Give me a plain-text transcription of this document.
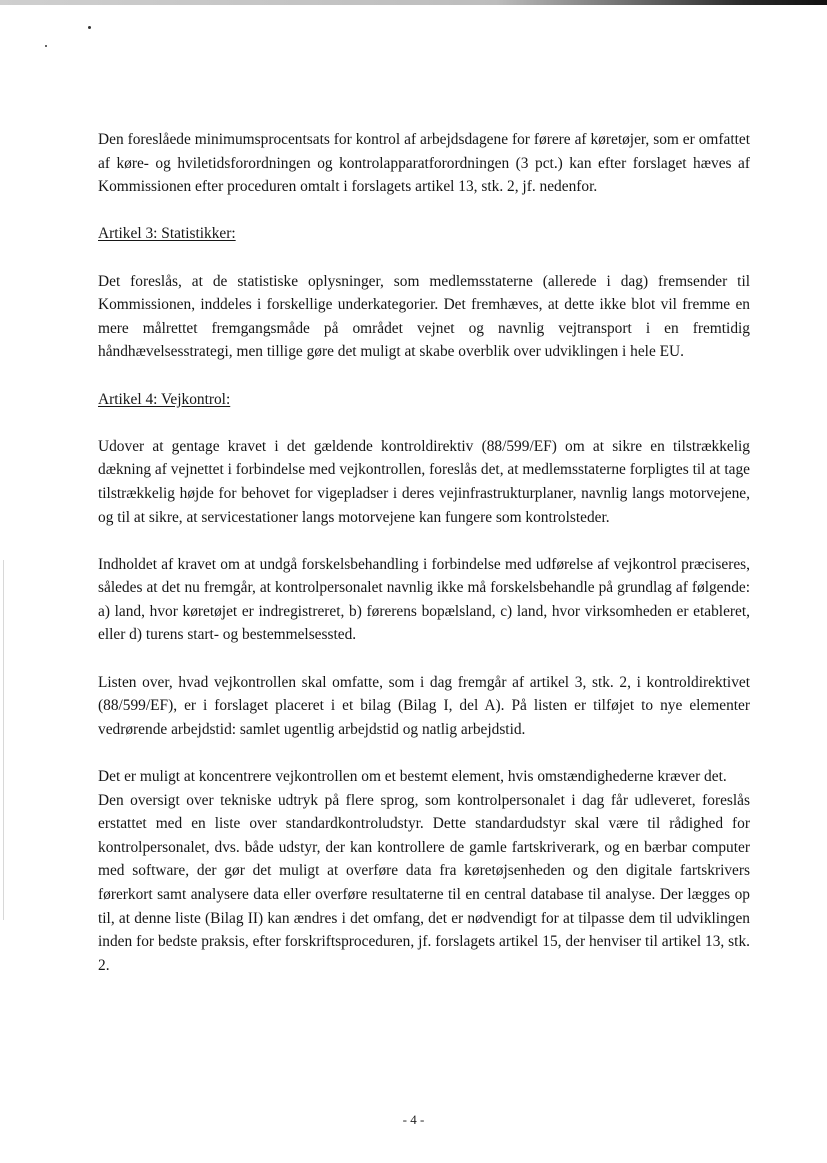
Den foreslåede minimumsprocentsats for kontrol af arbejdsdagene for førere af køretøjer, som er omfattet af køre- og hviletidsforordningen og kontrolapparatforordningen (3 pct.) kan efter forslaget hæves af Kommissionen efter proceduren omtalt i forslagets artikel 13, stk. 2, jf. nedenfor.

Artikel 3: Statistikker:

Det foreslås, at de statistiske oplysninger, som medlemsstaterne (allerede i dag) fremsender til Kommissionen, inddeles i forskellige underkategorier. Det fremhæves, at dette ikke blot vil fremme en mere målrettet fremgangsmåde på området vejnet og navnlig vejtransport i en fremtidig håndhævelsesstrategi, men tillige gøre det muligt at skabe overblik over udviklingen i hele EU.

Artikel 4: Vejkontrol:

Udover at gentage kravet i det gældende kontroldirektiv (88/599/EF) om at sikre en tilstrækkelig dækning af vejnettet i forbindelse med vejkontrollen, foreslås det, at medlemsstaterne forpligtes til at tage tilstrækkelig højde for behovet for vigepladser i deres vejinfrastrukturplaner, navnlig langs motorvejene, og til at sikre, at servicestationer langs motorvejene kan fungere som kontrolsteder.

Indholdet af kravet om at undgå forskelsbehandling i forbindelse med udførelse af vejkontrol præciseres, således at det nu fremgår, at kontrolpersonalet navnlig ikke må forskelsbehandle på grundlag af følgende: a) land, hvor køretøjet er indregistreret, b) førerens bopælsland, c) land, hvor virksomheden er etableret, eller d) turens start- og bestemmelsessted.

Listen over, hvad vejkontrollen skal omfatte, som i dag fremgår af artikel 3, stk. 2, i kontroldirektivet (88/599/EF), er i forslaget placeret i et bilag (Bilag I, del A). På listen er tilføjet to nye elementer vedrørende arbejdstid: samlet ugentlig arbejdstid og natlig arbejdstid.

Det er muligt at koncentrere vejkontrollen om et bestemt element, hvis omstændighederne kræver det.

Den oversigt over tekniske udtryk på flere sprog, som kontrolpersonalet i dag får udleveret, foreslås erstattet med en liste over standardkontroludstyr. Dette standardudstyr skal være til rådighed for kontrolpersonalet, dvs. både udstyr, der kan kontrollere de gamle fartskriverark, og en bærbar computer med software, der gør det muligt at overføre data fra køretøjsenheden og den digitale fartskrivers førerkort samt analysere data eller overføre resultaterne til en central database til analyse. Der lægges op til, at denne liste (Bilag II) kan ændres i det omfang, det er nødvendigt for at tilpasse dem til udviklingen inden for bedste praksis, efter forskriftsproceduren, jf. forslagets artikel 15, der henviser til artikel 13, stk. 2.

- 4 -
